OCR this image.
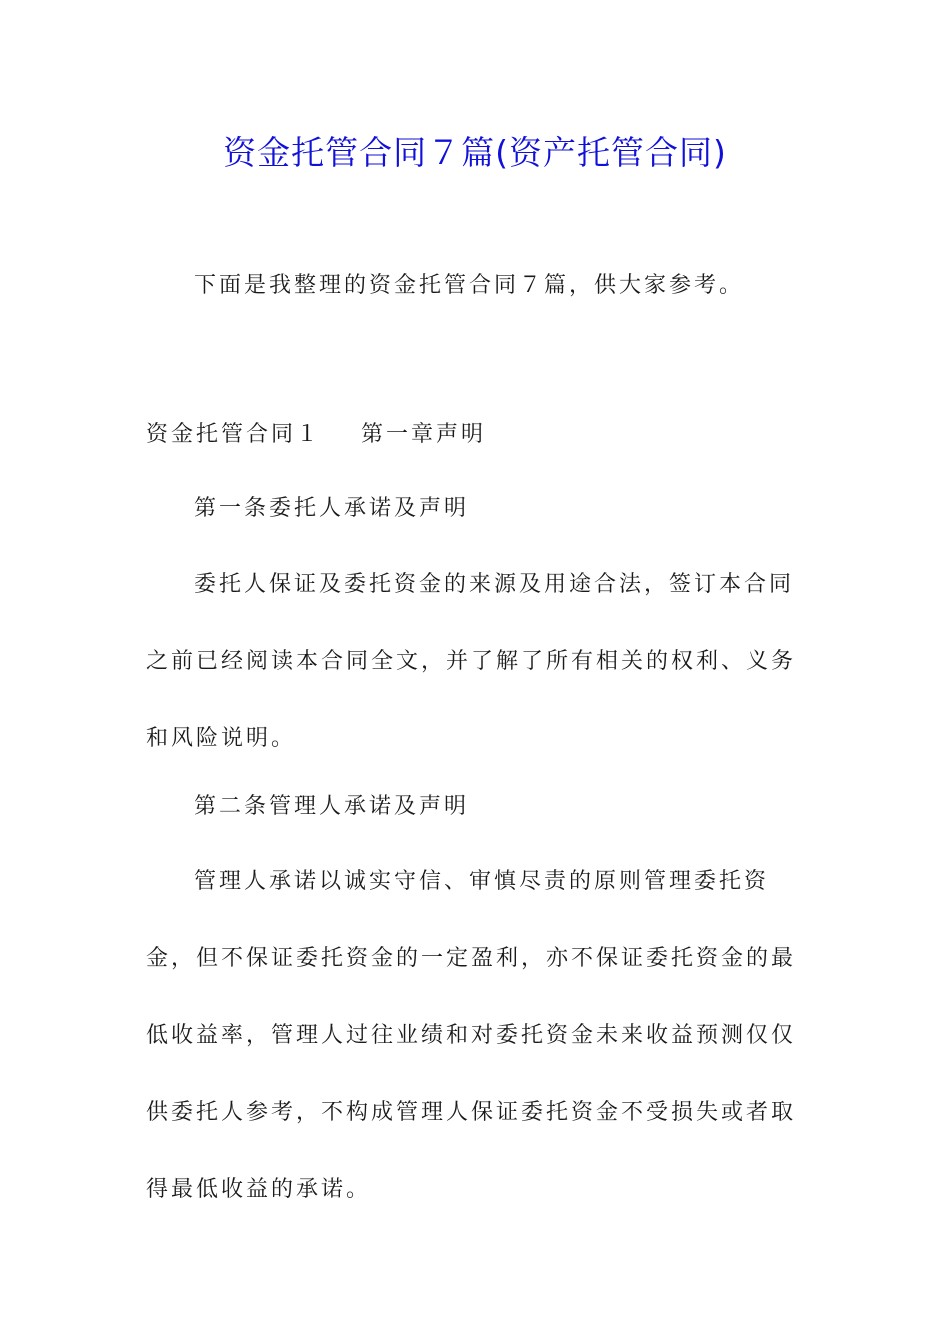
资金托管合同７篇(资产托管合同)

下面是我整理的资金托管合同７篇，供大家参考。

资金托管合同１ 第一章声明

第一条委托人承诺及声明

委托人保证及委托资金的来源及用途合法，签订本合同之前已经阅读本合同全文，并了解了所有相关的权利、义务和风险说明。

第二条管理人承诺及声明

管理人承诺以诚实守信、审慎尽责的原则管理委托资金，但不保证委托资金的一定盈利，亦不保证委托资金的最低收益率，管理人过往业绩和对委托资金未来收益预测仅仅供委托人参考，不构成管理人保证委托资金不受损失或者取得最低收益的承诺。
